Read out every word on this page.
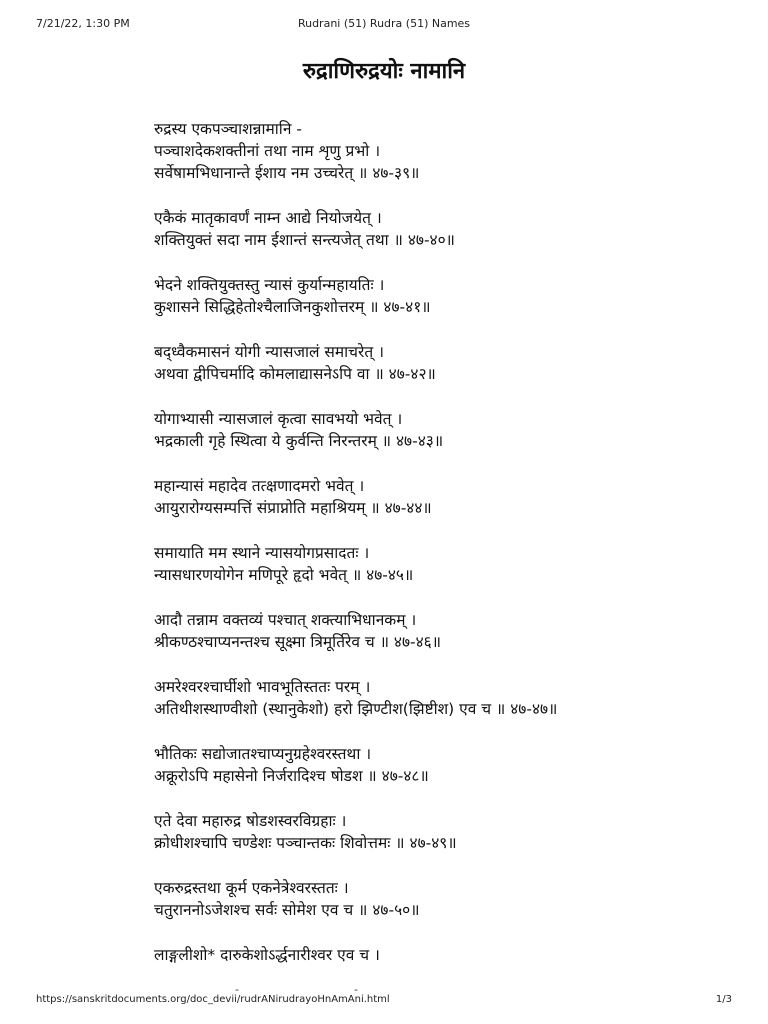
7/21/22, 1:30 PM	Rudrani (51) Rudra (51) Names
रुद्राणिरुद्रयोः नामानि
रुद्रस्य एकपञ्चाशन्नामानि -
पञ्चाशदेकशक्तीनां तथा नाम शृणु प्रभो ।
सर्वेषामभिधानान्ते ईशाय नम उच्चरेत् ॥ ४७-३९॥
एकैकं मातृकावर्णं नाम्न आद्ये नियोजयेत् ।
शक्तियुक्तं सदा नाम ईशान्तं सन्त्यजेत् तथा ॥ ४७-४०॥
भेदने शक्तियुक्तस्तु न्यासं कुर्यान्महायतिः ।
कुशासने सिद्धिहेतोश्चैलाजिनकुशोत्तरम् ॥ ४७-४१॥
बद्ध्वैकमासनं योगी न्यासजालं समाचरेत् ।
अथवा द्वीपिचर्मादि कोमलाद्यासनेऽपि वा ॥ ४७-४२॥
योगाभ्यासी न्यासजालं कृत्वा सावभयो भवेत् ।
भद्रकाली गृहे स्थित्वा ये कुर्वन्ति निरन्तरम् ॥ ४७-४३॥
महान्यासं महादेव तत्क्षणादमरो भवेत् ।
आयुरारोग्यसम्पत्तिं संप्राप्नोति महाश्रियम् ॥ ४७-४४॥
समायाति मम स्थाने न्यासयोगप्रसादतः ।
न्यासधारणयोगेन मणिपूरे हृदो भवेत् ॥ ४७-४५॥
आदौ तन्नाम वक्तव्यं पश्चात् शक्त्याभिधानकम् ।
श्रीकण्ठश्चाप्यनन्तश्च सूक्ष्मा त्रिमूर्तिरेव च ॥ ४७-४६॥
अमरेश्वरश्चार्घीशो भावभूतिस्ततः परम् ।
अतिथीशस्थाण्वीशो (स्थानुकेशो) हरो झिण्टीश(झिष्टीश) एव च ॥ ४७-४७॥
भौतिकः सद्योजातश्चाप्यनुग्रहेश्वरस्तथा ।
अक्रूरोऽपि महासेनो निर्जरादिश्च षोडश ॥ ४७-४८॥
एते देवा महारुद्र षोडशस्वरविग्रहाः ।
क्रोधीशश्चापि चण्डेशः पञ्चान्तकः शिवोत्तमः ॥ ४७-४९॥
एकरुद्रस्तथा कूर्म एकनेत्रेश्वरस्ततः ।
चतुराननोऽजेशश्च सर्वः सोमेश एव च ॥ ४७-५०॥
लाङ्गलीशो* दारुकेशोऽर्द्धनारीश्वर एव च ।
-	-
https://sanskritdocuments.org/doc_devii/rudrANirudrayoHnAmAni.html	1/3
